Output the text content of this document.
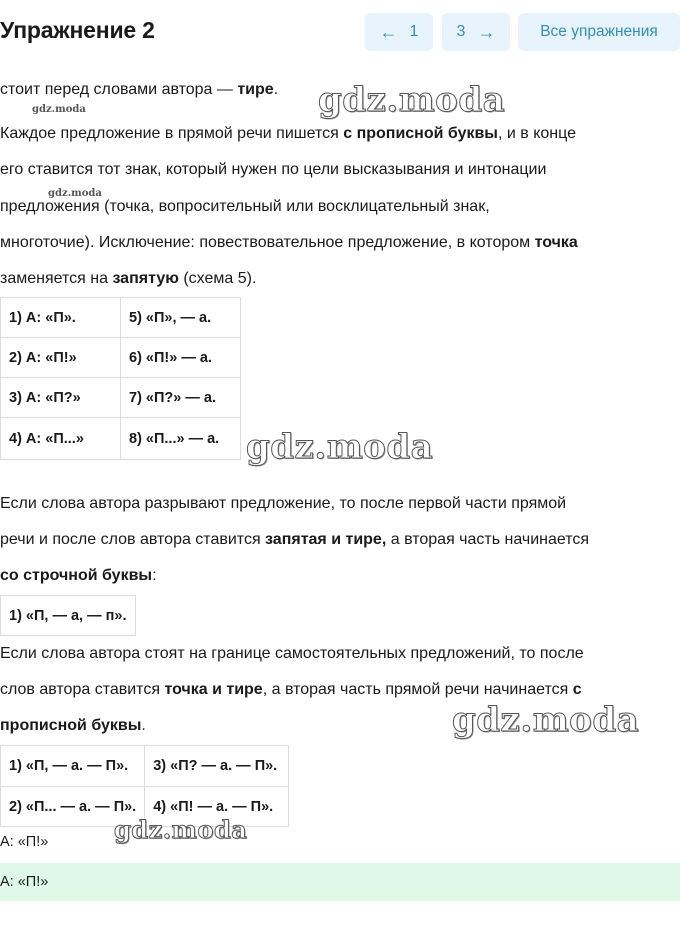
Упражнение 2	← 1 3 →	Все упражнения

стоит перед словами автора — тире.

Каждое предложение в прямой речи пишется с прописной буквы, и в конце

его ставится тот знак, который нужен по цели высказывания и интонации

предложения (точка, вопросительный или восклицательный знак,

многоточие). Исключение: повествовательное предложение, в котором точка

заменяется на запятую (схема 5).

1) А: «П».	5) «П», — а.
2) А: «П!»	6) «П!» — а.
3) А: «П?»	7) «П?» — а.
4) А: «П...»	8) «П...» — а.

Если слова автора разрывают предложение, то после первой части прямой

речи и после слов автора ставится запятая и тире, а вторая часть начинается

со строчной буквы:

1) «П, — а, — п».

Если слова автора стоят на границе самостоятельных предложений, то после

слов автора ставится точка и тире, а вторая часть прямой речи начинается с

прописной буквы.

1) «П, — а. — П».	3) «П? — а. — П».
2) «П... — а. — П».	4) «П! — а. — П».

А: «П!»

А: «П!»
gdz.moda
gdz.moda
gdz.moda
gdz.moda
gdz.moda
gdz.moda
